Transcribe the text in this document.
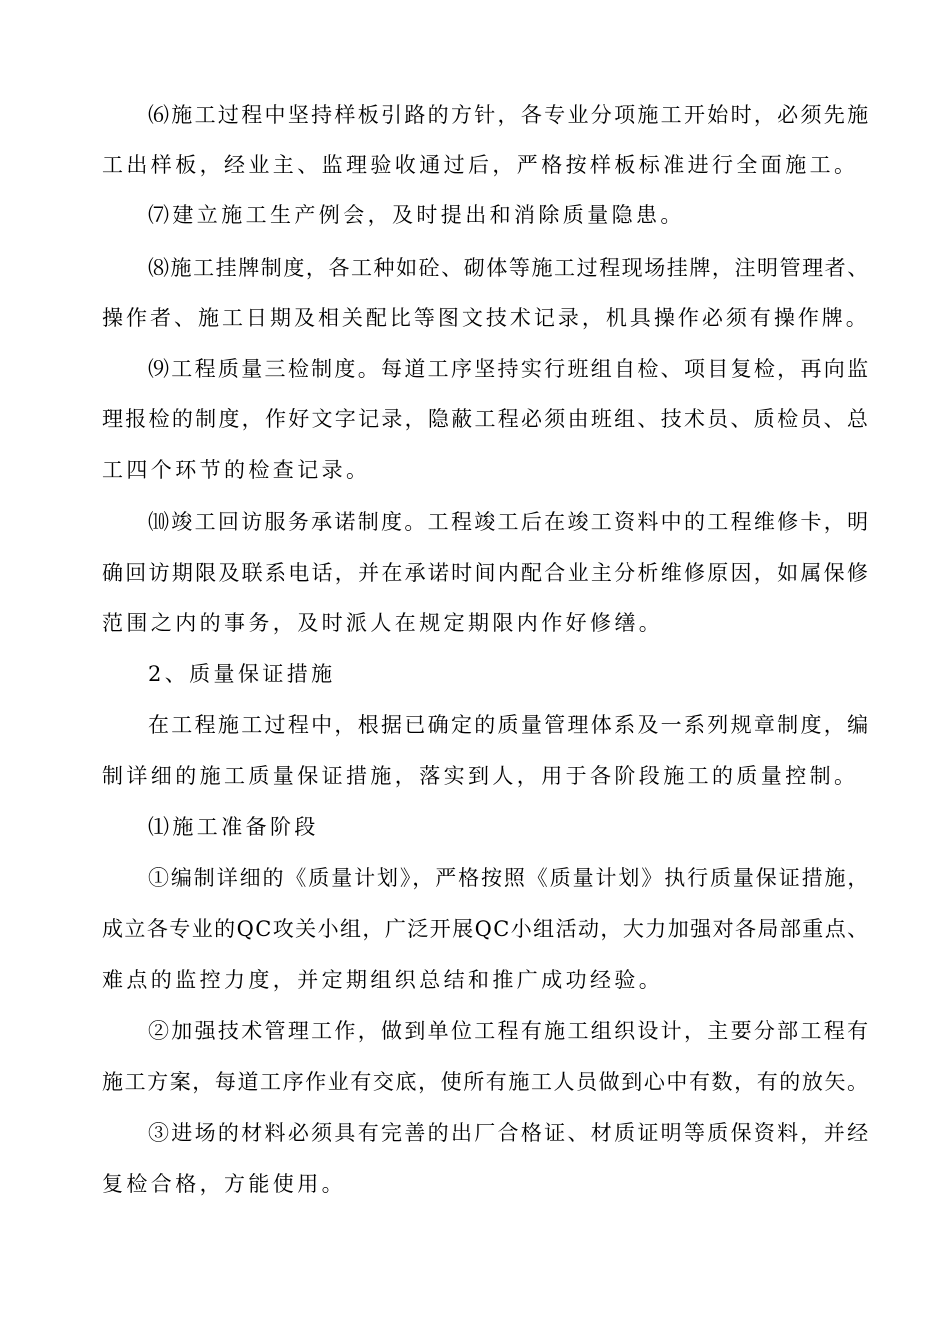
⑹施工过程中坚持样板引路的方针，各专业分项施工开始时，必须先施
工出样板，经业主、监理验收通过后，严格按样板标准进行全面施工。
⑺建立施工生产例会，及时提出和消除质量隐患。
⑻施工挂牌制度，各工种如砼、砌体等施工过程现场挂牌，注明管理者、
操作者、施工日期及相关配比等图文技术记录，机具操作必须有操作牌。
⑼工程质量三检制度。每道工序坚持实行班组自检、项目复检，再向监
理报检的制度，作好文字记录，隐蔽工程必须由班组、技术员、质检员、总
工四个环节的检查记录。
⑽竣工回访服务承诺制度。工程竣工后在竣工资料中的工程维修卡，明
确回访期限及联系电话，并在承诺时间内配合业主分析维修原因，如属保修
范围之内的事务，及时派人在规定期限内作好修缮。
2、质量保证措施
在工程施工过程中，根据已确定的质量管理体系及一系列规章制度，编
制详细的施工质量保证措施，落实到人，用于各阶段施工的质量控制。
⑴施工准备阶段
①编制详细的《质量计划》，严格按照《质量计划》执行质量保证措施，
成立各专业的QC攻关小组，广泛开展QC小组活动，大力加强对各局部重点、
难点的监控力度，并定期组织总结和推广成功经验。
②加强技术管理工作，做到单位工程有施工组织设计，主要分部工程有
施工方案，每道工序作业有交底，使所有施工人员做到心中有数，有的放矢。
③进场的材料必须具有完善的出厂合格证、材质证明等质保资料，并经
复检合格，方能使用。
